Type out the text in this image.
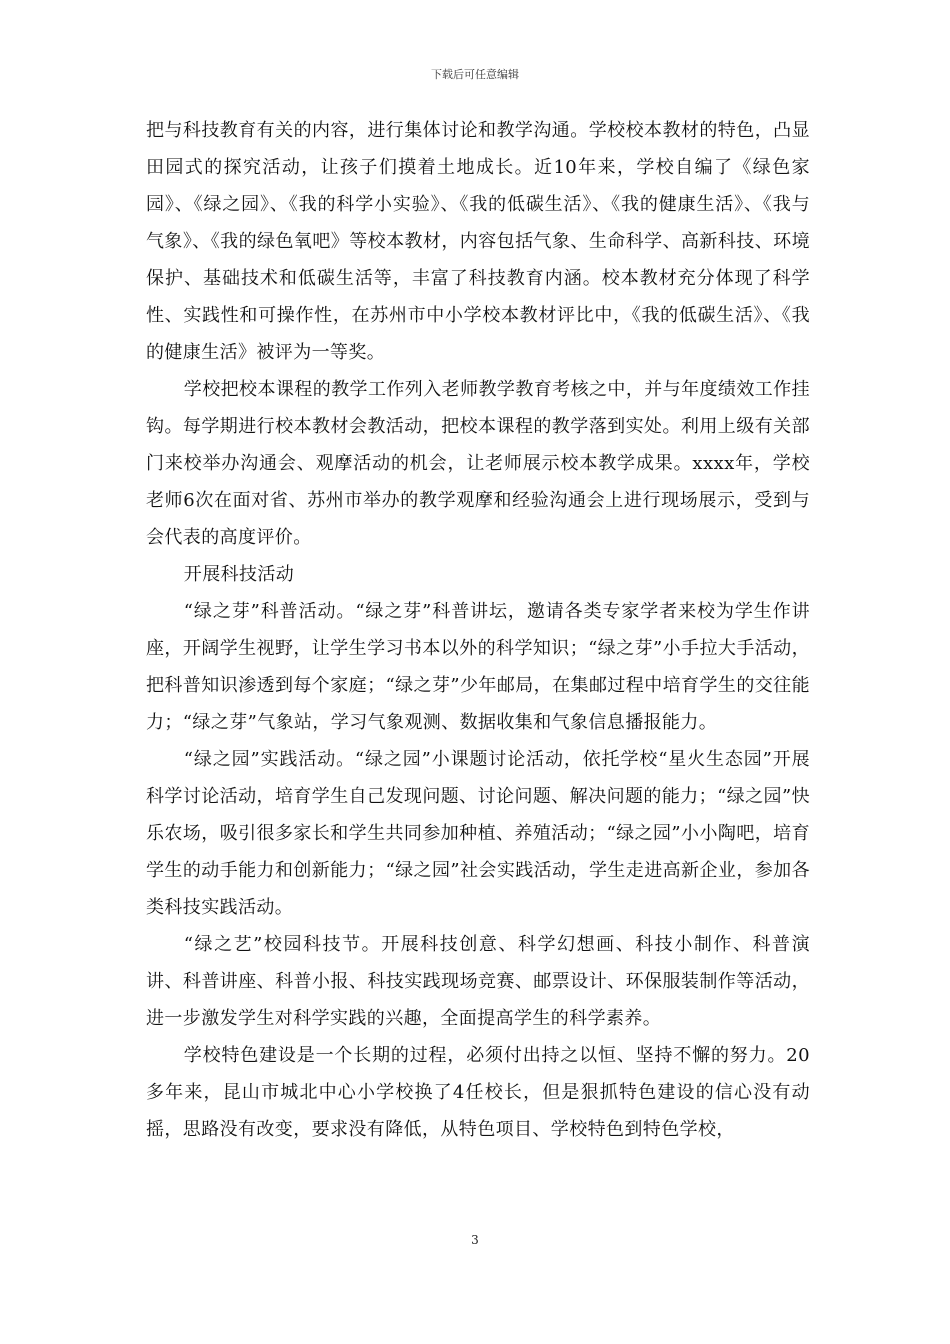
下载后可任意编辑

把与科技教育有关的内容，进行集体讨论和教学沟通。学校校本教材的特色，凸显田园式的探究活动，让孩子们摸着土地成长。近10年来，学校自编了《绿色家园》、《绿之园》、《我的科学小实验》、《我的低碳生活》、《我的健康生活》、《我与气象》、《我的绿色氧吧》等校本教材，内容包括气象、生命科学、高新科技、环境保护、基础技术和低碳生活等，丰富了科技教育内涵。校本教材充分体现了科学性、实践性和可操作性，在苏州市中小学校本教材评比中，《我的低碳生活》、《我的健康生活》被评为一等奖。

学校把校本课程的教学工作列入老师教学教育考核之中，并与年度绩效工作挂钩。每学期进行校本教材会教活动，把校本课程的教学落到实处。利用上级有关部门来校举办沟通会、观摩活动的机会，让老师展示校本教学成果。xxxx年，学校老师6次在面对省、苏州市举办的教学观摩和经验沟通会上进行现场展示，受到与会代表的高度评价。

开展科技活动

“绿之芽”科普活动。“绿之芽”科普讲坛，邀请各类专家学者来校为学生作讲座，开阔学生视野，让学生学习书本以外的科学知识；“绿之芽”小手拉大手活动，把科普知识渗透到每个家庭；“绿之芽”少年邮局，在集邮过程中培育学生的交往能力；“绿之芽”气象站，学习气象观测、数据收集和气象信息播报能力。

“绿之园”实践活动。“绿之园”小课题讨论活动，依托学校“星火生态园”开展科学讨论活动，培育学生自己发现问题、讨论问题、解决问题的能力；“绿之园”快乐农场，吸引很多家长和学生共同参加种植、养殖活动；“绿之园”小小陶吧，培育学生的动手能力和创新能力；“绿之园”社会实践活动，学生走进高新企业，参加各类科技实践活动。

“绿之艺”校园科技节。开展科技创意、科学幻想画、科技小制作、科普演讲、科普讲座、科普小报、科技实践现场竞赛、邮票设计、环保服装制作等活动，进一步激发学生对科学实践的兴趣，全面提高学生的科学素养。

学校特色建设是一个长期的过程，必须付出持之以恒、坚持不懈的努力。20多年来，昆山市城北中心小学校换了4任校长，但是狠抓特色建设的信心没有动摇，思路没有改变，要求没有降低，从特色项目、学校特色到特色学校，

3
